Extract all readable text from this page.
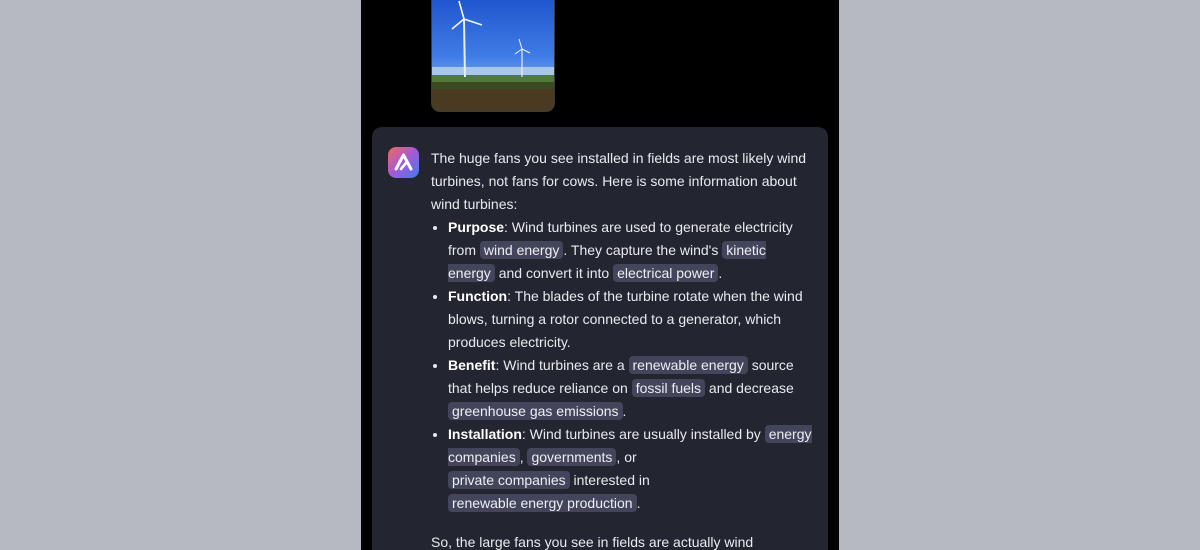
The huge fans you see installed in fields are most likely wind turbines, not fans for cows. Here is some information about wind turbines:

• Purpose: Wind turbines are used to generate electricity from wind energy . They capture the wind's kinetic energy and convert it into electrical power .
• Function: The blades of the turbine rotate when the wind blows, turning a rotor connected to a generator, which produces electricity.
• Benefit: Wind turbines are a renewable energy source that helps reduce reliance on fossil fuels and decrease greenhouse gas emissions .
• Installation: Wind turbines are usually installed by energy companies , governments , or
private companies interested in
renewable energy production .

So, the large fans you see in fields are actually wind
